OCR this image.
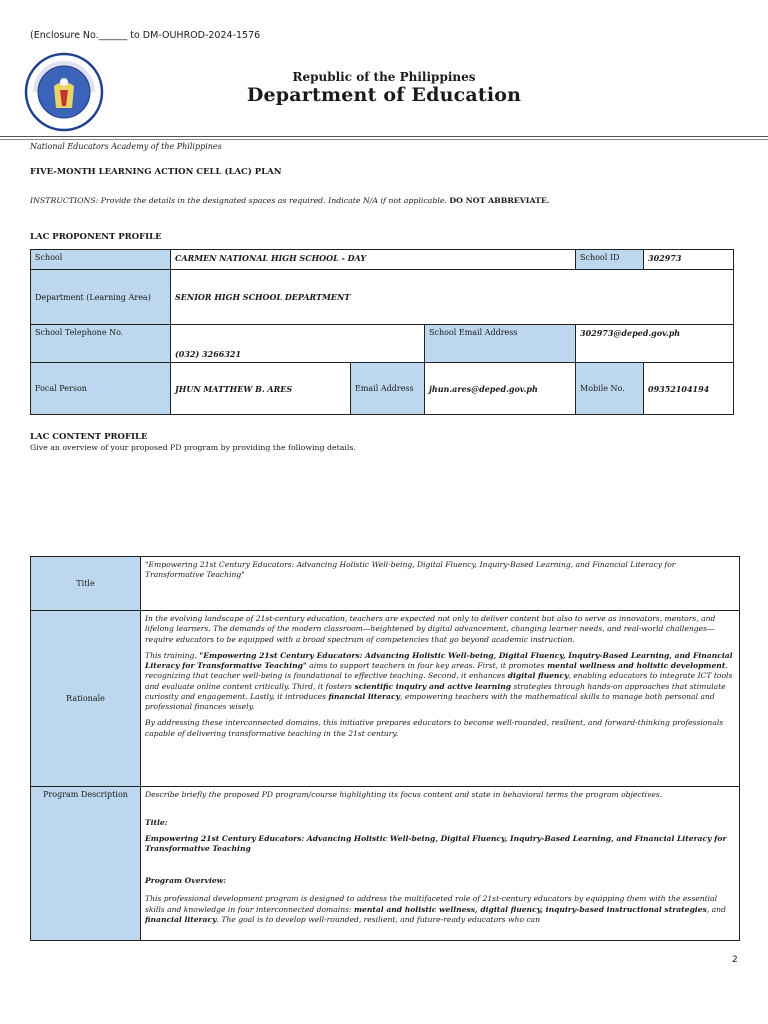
(Enclosure No.______ to DM-OUHROD-2024-1576
Republic of the Philippines
Department of Education
National Educators Academy of the Philippines
FIVE-MONTH LEARNING ACTION CELL (LAC) PLAN
INSTRUCTIONS: Provide the details in the designated spaces as required. Indicate N/A if not applicable. DO NOT ABBREVIATE.
LAC PROPONENT PROFILE
School	CARMEN NATIONAL HIGH SCHOOL - DAY			School ID	302973
Department (Learning Area)	SENIOR HIGH SCHOOL DEPARTMENT				
School Telephone No.	(032) 3266321		School Email Address	302973@deped.gov.ph	
Focal Person	JHUN MATTHEW B. ARES	Email Address	jhun.ares@deped.gov.ph	Mobile No.	09352104194
LAC CONTENT PROFILE
Give an overview of your proposed PD program by providing the following details.
Title	"Empowering 21st Century Educators: Advancing Holistic Well-being, Digital Fluency, Inquiry-Based Learning, and Financial Literacy for Transformative Teaching"
Rationale	In the evolving landscape of 21st-century education, teachers are expected not only to deliver content but also to serve as innovators, mentors, and lifelong learners. The demands of the modern classroom—heightened by digital advancement, changing learner needs, and real-world challenges—require educators to be equipped with a broad spectrum of competencies that go beyond academic instruction.

This training, "Empowering 21st Century Educators: Advancing Holistic Well-being, Digital Fluency, Inquiry-Based Learning, and Financial Literacy for Transformative Teaching" aims to support teachers in four key areas. First, it promotes mental wellness and holistic development, recognizing that teacher well-being is foundational to effective teaching. Second, it enhances digital fluency, enabling educators to integrate ICT tools and evaluate online content critically. Third, it fosters scientific inquiry and active learning strategies through hands-on approaches that stimulate curiosity and engagement. Lastly, it introduces financial literacy, empowering teachers with the mathematical skills to manage both personal and professional finances wisely.

By addressing these interconnected domains, this initiative prepares educators to become well-rounded, resilient, and forward-thinking professionals capable of delivering transformative teaching in the 21st century.

Program Description	Describe briefly the proposed PD program/course highlighting its focus content and state in behavioral terms the program objectives.

Title:

Empowering 21st Century Educators: Advancing Holistic Well-being, Digital Fluency, Inquiry-Based Learning, and Financial Literacy for Transformative Teaching

Program Overview:

This professional development program is designed to address the multifaceted role of 21st-century educators by equipping them with the essential skills and knowledge in four interconnected domains: mental and holistic wellness, digital fluency, inquiry-based instructional strategies, and financial literacy. The goal is to develop well-rounded, resilient, and future-ready educators who can

2
